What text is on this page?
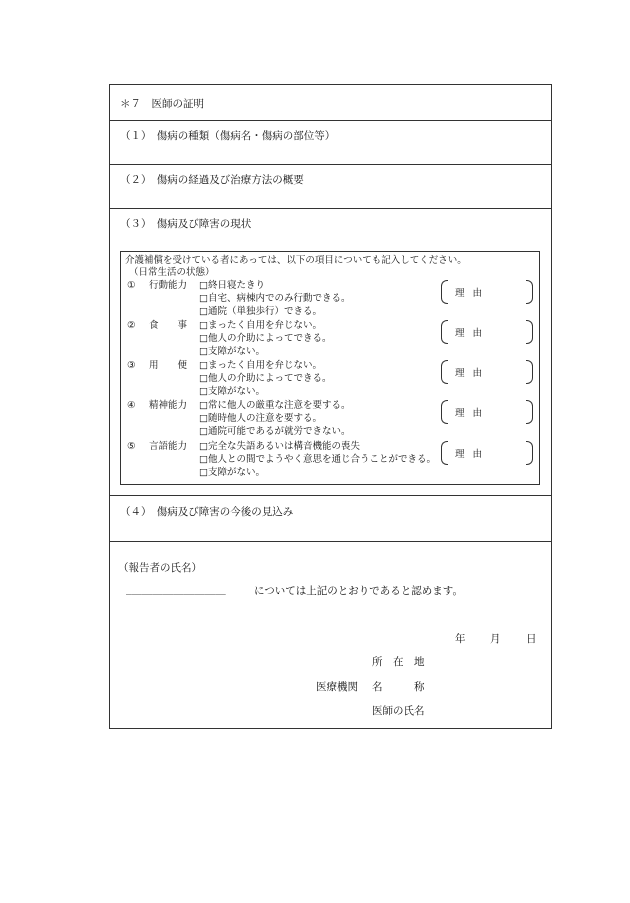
＊７　医師の証明
（１）　傷病の種類（傷病名・傷病の部位等）
（２）　傷病の経過及び治療方法の概要
（３）　傷病及び障害の現状
介護補償を受けている者にあっては、以下の項目についても記入してください。
（日常生活の状態）
① 行動能力 □終日寝たきり
□自宅、病棟内でのみ行動できる。
□通院（単独歩行）できる。
理由
② 食　　事 □まったく自用を弁じない。
□他人の介助によってできる。
□支障がない。
理由
③ 用　　便 □まったく自用を弁じない。
□他人の介助によってできる。
□支障がない。
理由
④ 精神能力 □常に他人の厳重な注意を要する。
□随時他人の注意を要する。
□通院可能であるが就労できない。
理由
⑤ 言語能力 □完全な失語あるいは構音機能の喪失
□他人との間でようやく意思を通じ合うことができる。
□支障がない。
理由
（４）　傷病及び障害の今後の見込み
（報告者の氏名）
___________________	については上記のとおりであると認めます。
年 月 日
所　在　地
医療機関 名　　　称
医師の氏名
